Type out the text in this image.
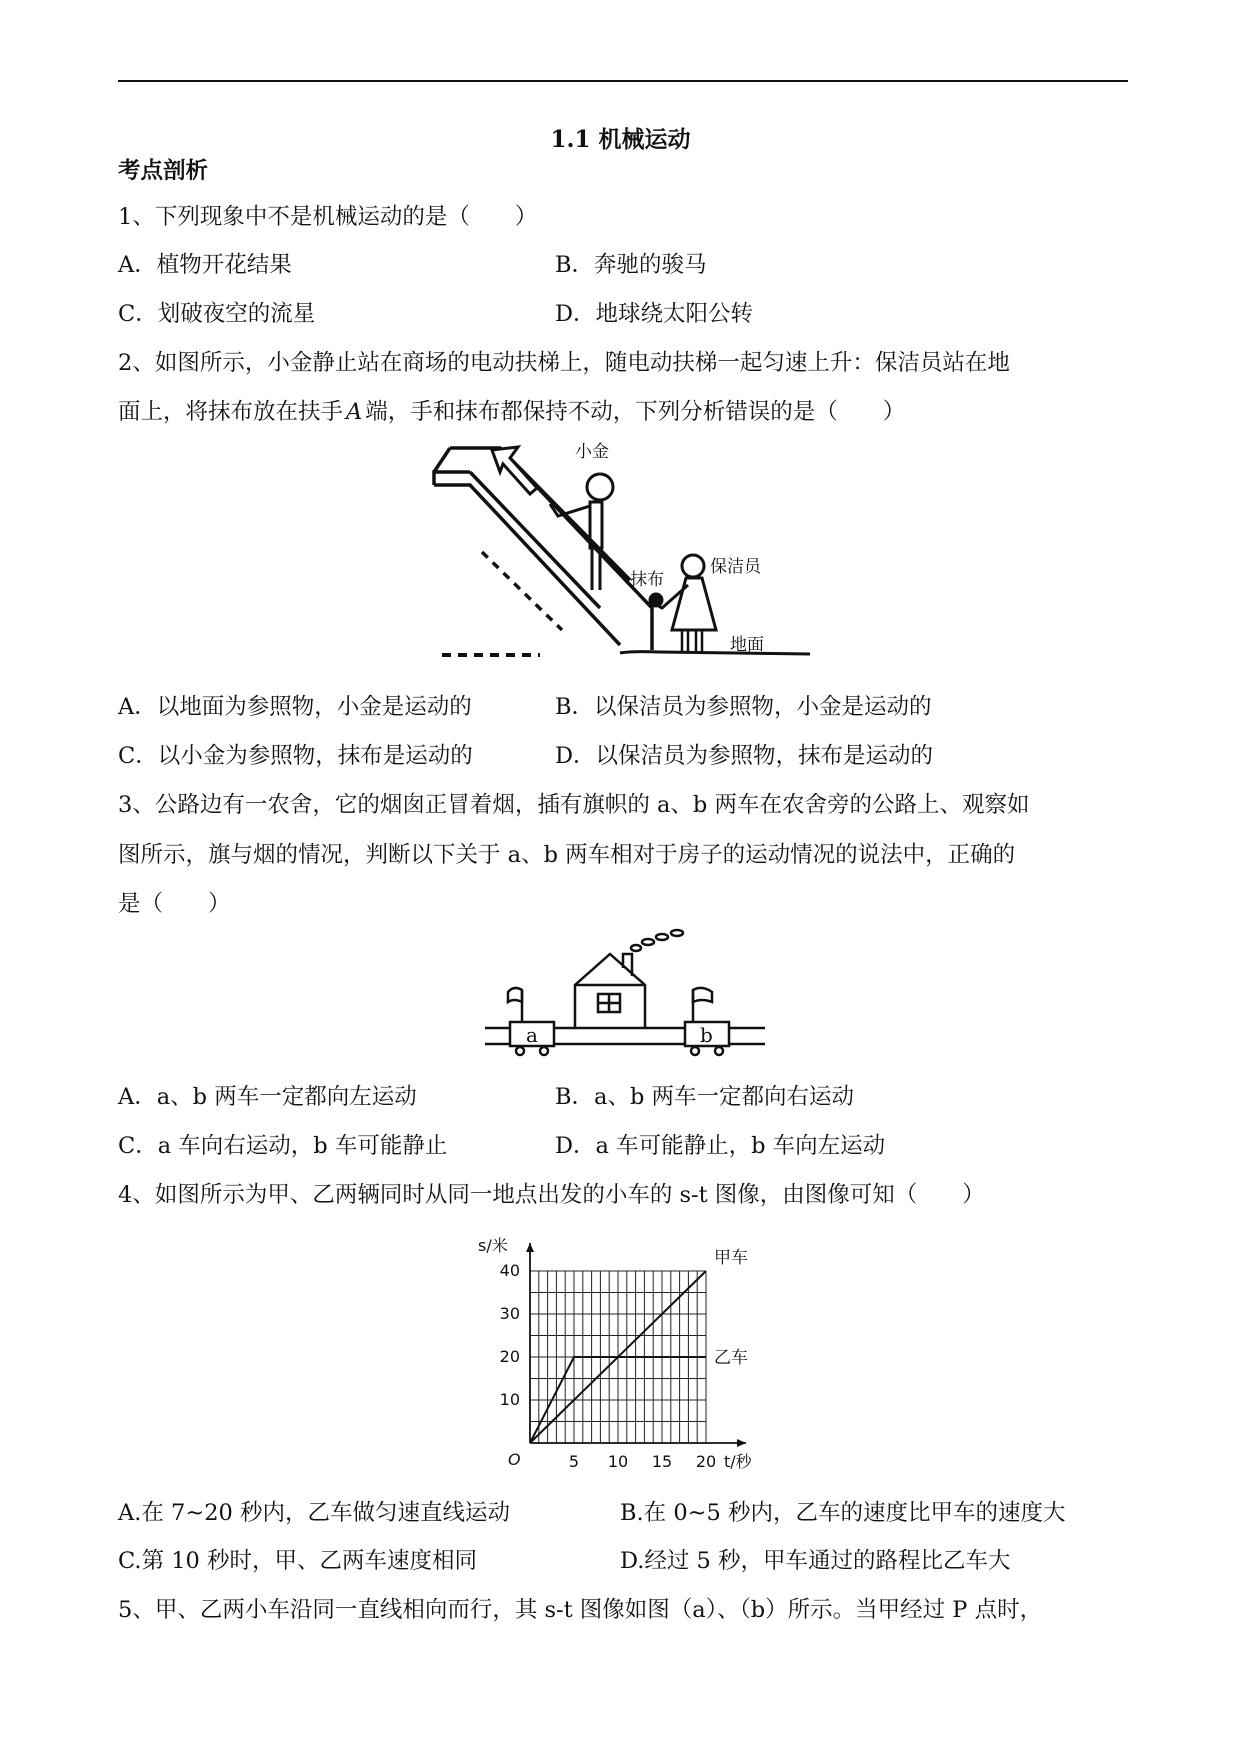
1.1 机械运动
考点剖析
1、下列现象中不是机械运动的是（　　）
A．植物开花结果	B．奔驰的骏马
C．划破夜空的流星	D．地球绕太阳公转
2、如图所示，小金静止站在商场的电动扶梯上，随电动扶梯一起匀速上升：保洁员站在地
面上，将抹布放在扶手 A 端，手和抹布都保持不动，下列分析错误的是（　　）
小金
保洁员
抹布
地面
A．以地面为参照物，小金是运动的	B．以保洁员为参照物，小金是运动的
C．以小金为参照物，抹布是运动的	D．以保洁员为参照物，抹布是运动的
3、公路边有一农舍，它的烟囱正冒着烟，插有旗帜的 a、b 两车在农舍旁的公路上、观察如
图所示，旗与烟的情况，判断以下关于 a、b 两车相对于房子的运动情况的说法中，正确的
是（　　）
a	b
A．a、b 两车一定都向左运动	B．a、b 两车一定都向右运动
C．a 车向右运动，b 车可能静止	D．a 车可能静止，b 车向左运动
4、如图所示为甲、乙两辆同时从同一地点出发的小车的 s-t 图像，由图像可知（　　）
5 10 15 20
10
20
30
40
O	t/秒
s/米
甲车
乙车
A.在 7~20 秒内，乙车做匀速直线运动	B.在 0~5 秒内，乙车的速度比甲车的速度大
C.第 10 秒时，甲、乙两车速度相同	D.经过 5 秒，甲车通过的路程比乙车大
5、甲、乙两小车沿同一直线相向而行，其 s-t 图像如图（a）、（b）所示。当甲经过 P 点时，
